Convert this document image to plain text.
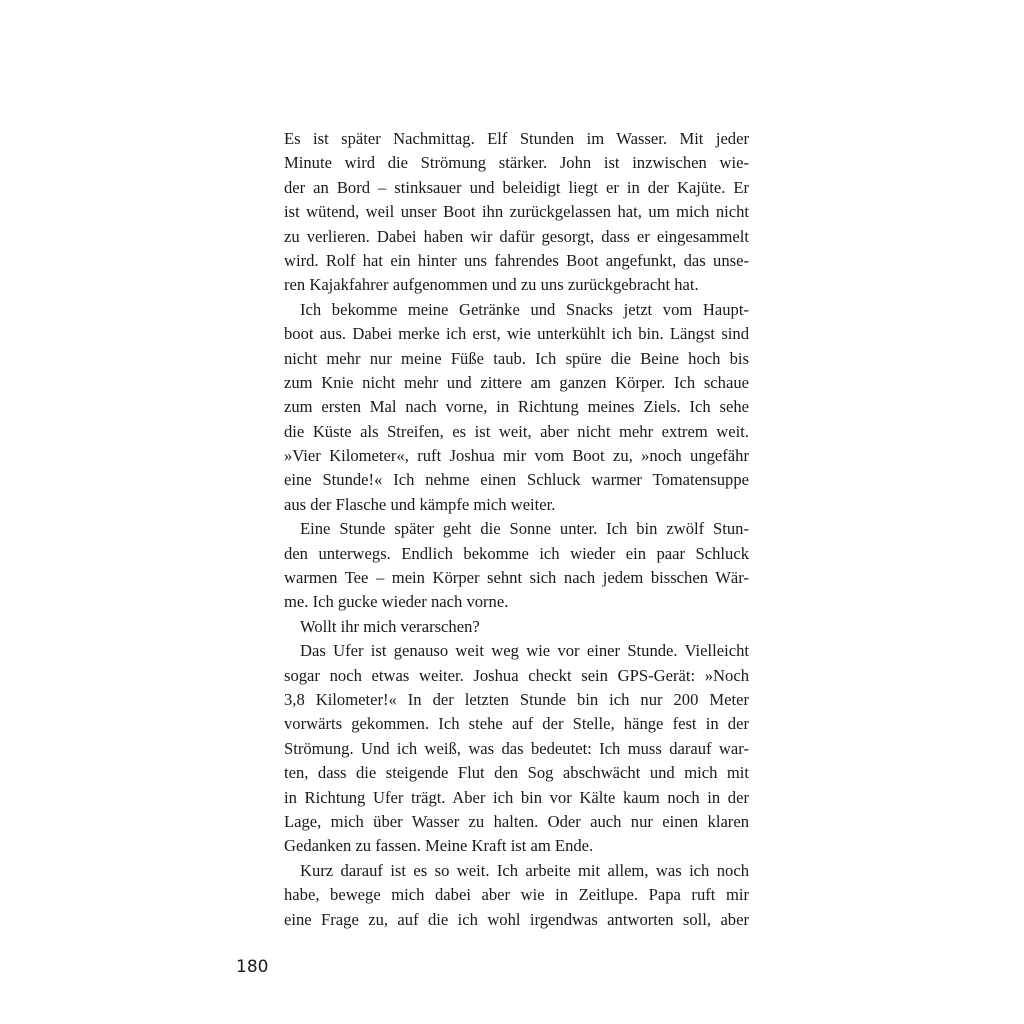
Es ist später Nachmittag. Elf Stunden im Wasser. Mit jeder
Minute wird die Strömung stärker. John ist inzwischen wie-
der an Bord – stinksauer und beleidigt liegt er in der Kajüte. Er
ist wütend, weil unser Boot ihn zurückgelassen hat, um mich nicht
zu verlieren. Dabei haben wir dafür gesorgt, dass er eingesammelt
wird. Rolf hat ein hinter uns fahrendes Boot angefunkt, das unse-
ren Kajakfahrer aufgenommen und zu uns zurückgebracht hat.
Ich bekomme meine Getränke und Snacks jetzt vom Haupt-
boot aus. Dabei merke ich erst, wie unterkühlt ich bin. Längst sind
nicht mehr nur meine Füße taub. Ich spüre die Beine hoch bis
zum Knie nicht mehr und zittere am ganzen Körper. Ich schaue
zum ersten Mal nach vorne, in Richtung meines Ziels. Ich sehe
die Küste als Streifen, es ist weit, aber nicht mehr extrem weit.
»Vier Kilometer«, ruft Joshua mir vom Boot zu, »noch ungefähr
eine Stunde!« Ich nehme einen Schluck warmer Tomatensuppe
aus der Flasche und kämpfe mich weiter.
Eine Stunde später geht die Sonne unter. Ich bin zwölf Stun-
den unterwegs. Endlich bekomme ich wieder ein paar Schluck
warmen Tee – mein Körper sehnt sich nach jedem bisschen Wär-
me. Ich gucke wieder nach vorne.
Wollt ihr mich verarschen?
Das Ufer ist genauso weit weg wie vor einer Stunde. Vielleicht
sogar noch etwas weiter. Joshua checkt sein GPS-Gerät: »Noch
3,8 Kilometer!« In der letzten Stunde bin ich nur 200 Meter
vorwärts gekommen. Ich stehe auf der Stelle, hänge fest in der
Strömung. Und ich weiß, was das bedeutet: Ich muss darauf war-
ten, dass die steigende Flut den Sog abschwächt und mich mit
in Richtung Ufer trägt. Aber ich bin vor Kälte kaum noch in der
Lage, mich über Wasser zu halten. Oder auch nur einen klaren
Gedanken zu fassen. Meine Kraft ist am Ende.
Kurz darauf ist es so weit. Ich arbeite mit allem, was ich noch
habe, bewege mich dabei aber wie in Zeitlupe. Papa ruft mir
eine Frage zu, auf die ich wohl irgendwas antworten soll, aber
180
